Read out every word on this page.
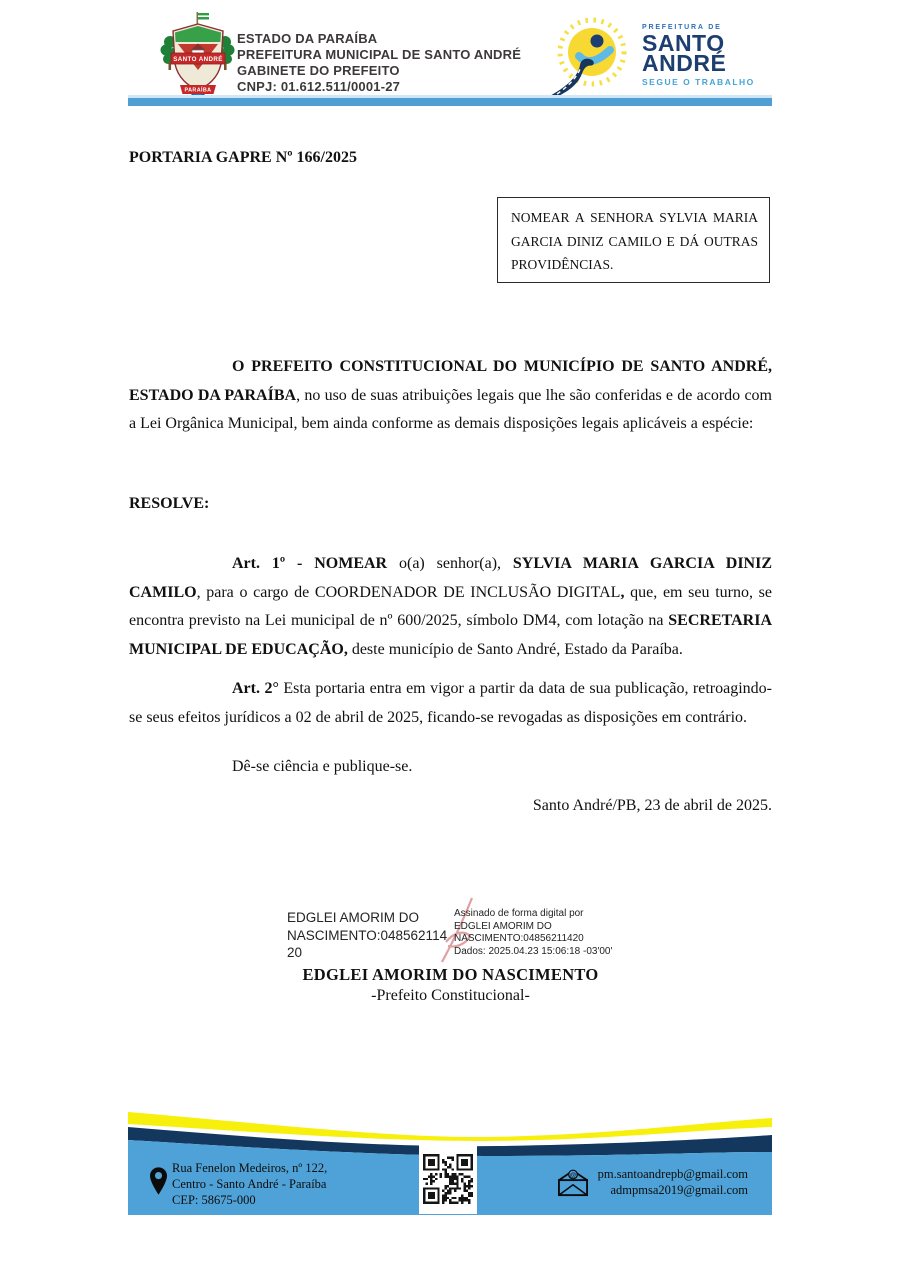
SANTO ANDRÉ
PARAÍBA
ESTADO DA PARAÍBA
PREFEITURA MUNICIPAL DE SANTO ANDRÉ
GABINETE DO PREFEITO
CNPJ: 01.612.511/0001-27
PREFEITURA DE
SANTO
ANDRÉ
SEGUE O TRABALHO
PORTARIA GAPRE Nº 166/2025
NOMEAR A SENHORA SYLVIA MARIA GARCIA DINIZ CAMILO E DÁ OUTRAS PROVIDÊNCIAS.

O PREFEITO CONSTITUCIONAL DO MUNICÍPIO DE SANTO ANDRÉ, ESTADO DA PARAÍBA, no uso de suas atribuições legais que lhe são conferidas e de acordo com a Lei Orgânica Municipal, bem ainda conforme as demais disposições legais aplicáveis a espécie:

RESOLVE:

Art. 1º - NOMEAR o(a) senhor(a), SYLVIA MARIA GARCIA DINIZ CAMILO, para o cargo de COORDENADOR DE INCLUSÃO DIGITAL, que, em seu turno, se encontra previsto na Lei municipal de nº 600/2025, símbolo DM4, com lotação na SECRETARIA MUNICIPAL DE EDUCAÇÃO, deste município de Santo André, Estado da Paraíba.

Art. 2° Esta portaria entra em vigor a partir da data de sua publicação, retroagindo-se seus efeitos jurídicos a 02 de abril de 2025, ficando-se revogadas as disposições em contrário.

Dê-se ciência e publique-se.
Santo André/PB, 23 de abril de 2025.
EDGLEI AMORIM DO
NASCIMENTO:048562114
20
Assinado de forma digital por
EDGLEI AMORIM DO
NASCIMENTO:04856211420
Dados: 2025.04.23 15:06:18 -03'00'
EDGLEI AMORIM DO NASCIMENTO
-Prefeito Constitucional-
Rua Fenelon Medeiros, nº 122,
Centro - Santo André - Paraíba
CEP: 58675-000
@	pm.santoandrepb@gmail.com
admpmsa2019@gmail.com
